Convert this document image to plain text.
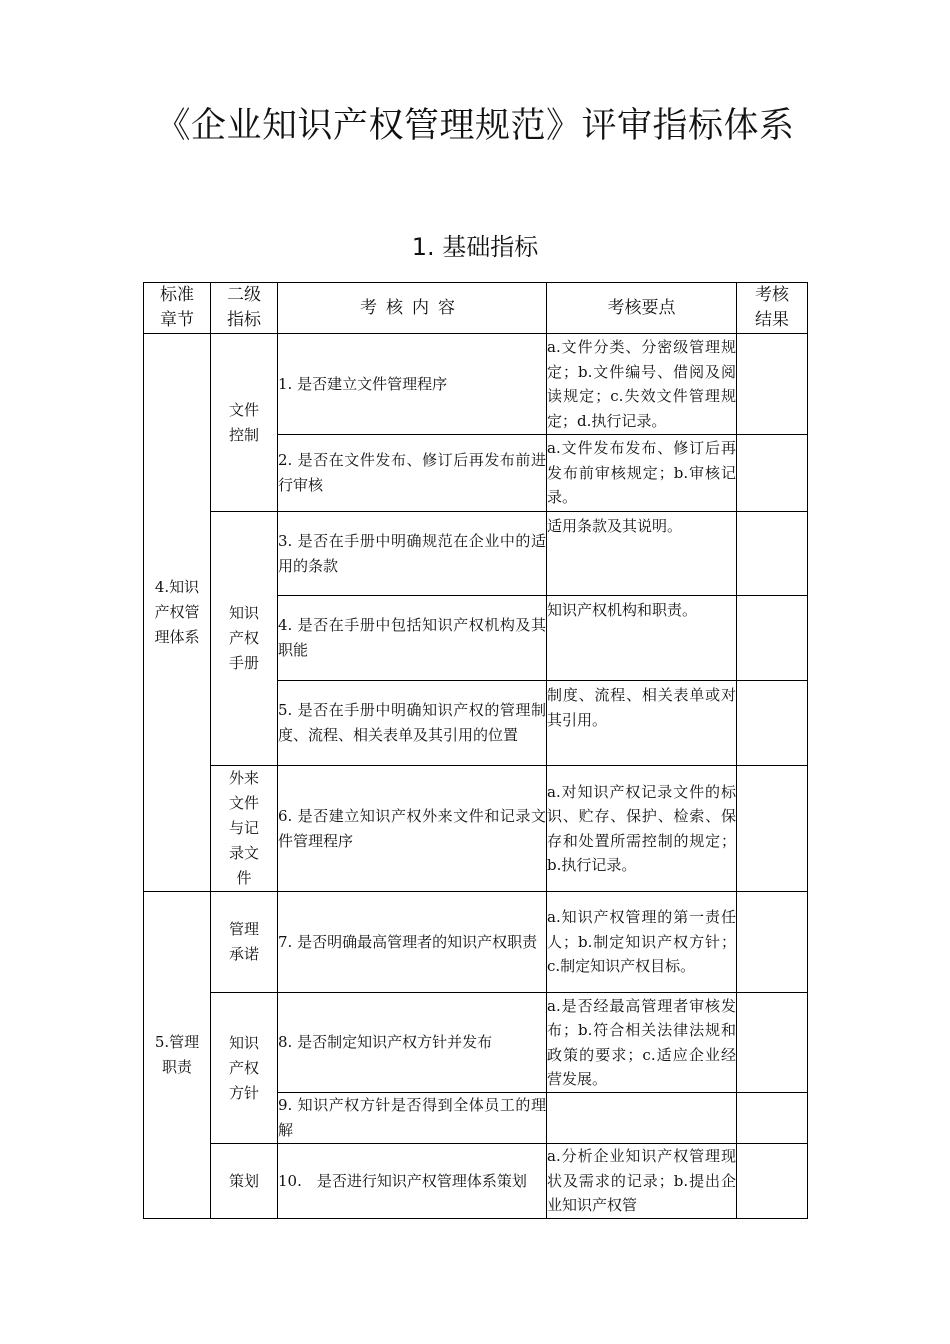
《企业知识产权管理规范》评审指标体系
1. 基础指标
标准章节	二级指标	考核内容	考核要点	考核结果
4.知识产权管理体系	文件控制	1. 是否建立文件管理程序	a.文件分类、分密级管理规定；b.文件编号、借阅及阅读规定；c.失效文件管理规定；d.执行记录。	
		2. 是否在文件发布、修订后再发布前进行审核	a.文件发布发布、修订后再发布前审核规定；b.审核记录。	
	知识产权手册	3. 是否在手册中明确规范在企业中的适用的条款	适用条款及其说明。	
		4. 是否在手册中包括知识产权机构及其职能	知识产权机构和职责。	
		5. 是否在手册中明确知识产权的管理制度、流程、相关表单及其引用的位置	制度、流程、相关表单或对其引用。	
	外来文件与记录文件	6. 是否建立知识产权外来文件和记录文件管理程序	a.对知识产权记录文件的标识、贮存、保护、检索、保存和处置所需控制的规定；b.执行记录。	
5.管理职责	管理承诺	7. 是否明确最高管理者的知识产权职责	a.知识产权管理的第一责任人；b.制定知识产权方针；c.制定知识产权目标。	
	知识产权方针	8. 是否制定知识产权方针并发布	a.是否经最高管理者审核发布；b.符合相关法律法规和政策的要求；c.适应企业经营发展。	
		9. 知识产权方针是否得到全体员工的理解		
	策划	10.　是否进行知识产权管理体系策划	a.分析企业知识产权管理现状及需求的记录；b.提出企业知识产权管	
